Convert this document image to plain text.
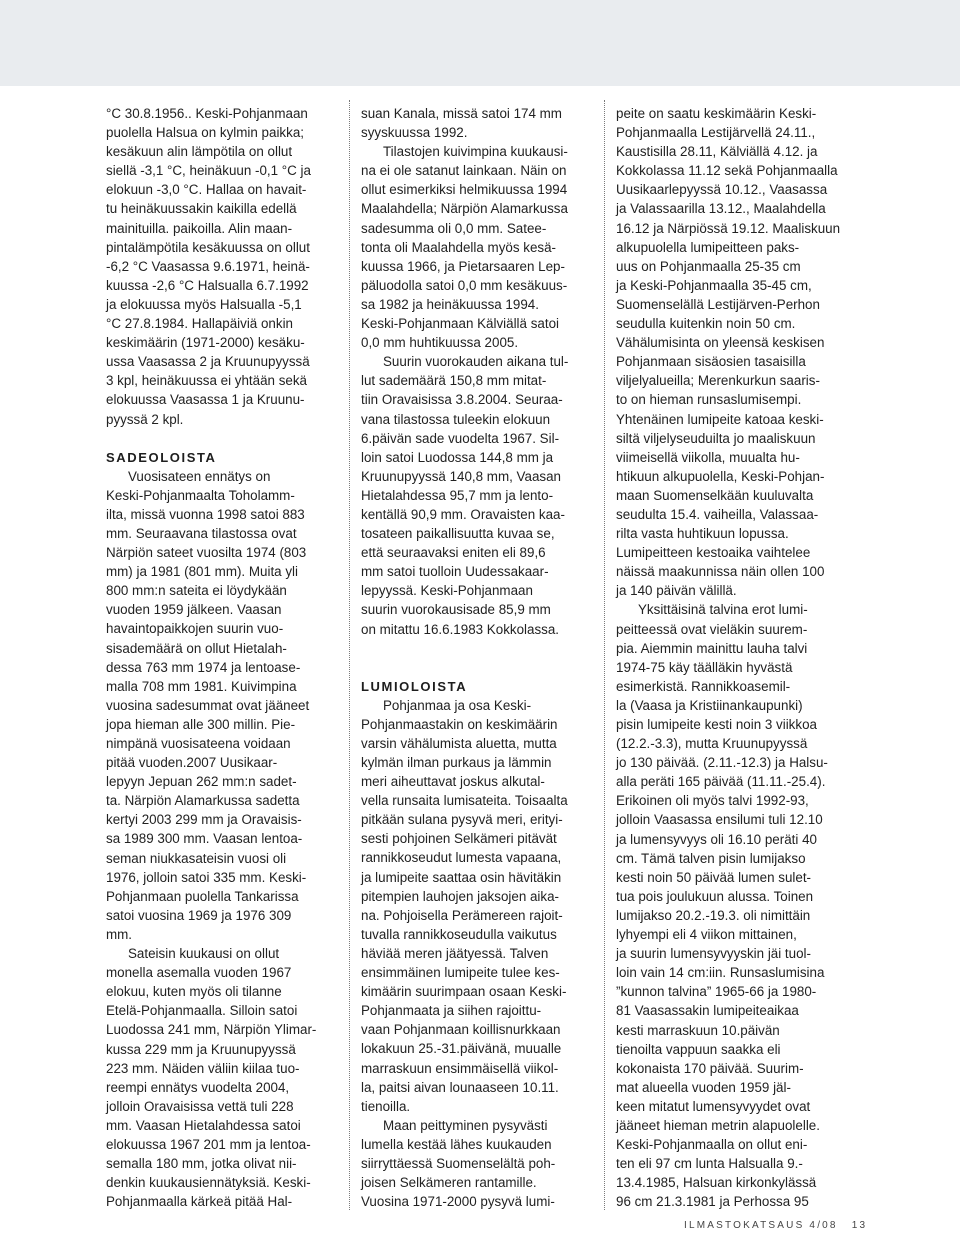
°C 30.8.1956.. Keski-Pohjanmaan
puolella Halsua on kylmin paikka;
kesäkuun alin lämpötila on ollut
siellä -3,1 °C, heinäkuun -0,1 °C ja
elokuun -3,0 °C. Hallaa on havait-
tu heinäkuussakin kaikilla edellä
mainituilla. paikoilla. Alin maan-
pintalämpötila kesäkuussa on ollut
-6,2 °C Vaasassa 9.6.1971, heinä-
kuussa -2,6 °C Halsualla 6.7.1992
ja elokuussa myös Halsualla -5,1
°C 27.8.1984. Hallapäiviä onkin
keskimäärin (1971-2000) kesäku-
ussa Vaasassa 2 ja Kruunupyyssä
3 kpl, heinäkuussa ei yhtään sekä
elokuussa Vaasassa 1 ja Kruunu-
pyyssä 2 kpl.
SADEOLOISTA
Vuosisateen ennätys on
Keski-Pohjanmaalta Toholamm-
ilta, missä vuonna 1998 satoi 883
mm. Seuraavana tilastossa ovat
Närpiön sateet vuosilta 1974 (803
mm) ja 1981 (801 mm). Muita yli
800 mm:n sateita ei löydykään
vuoden 1959 jälkeen. Vaasan
havaintopaikkojen suurin vuo-
sisademäärä on ollut Hietalah-
dessa 763 mm 1974 ja lentoase-
malla 708 mm 1981. Kuivimpina
vuosina sadesummat ovat jääneet
jopa hieman alle 300 millin. Pie-
nimpänä vuosisateena voidaan
pitää vuoden.2007 Uusikaar-
lepyyn Jepuan 262 mm:n sadet-
ta. Närpiön Alamarkussa sadetta
kertyi 2003 299 mm ja Oravaisis-
sa 1989 300 mm. Vaasan lentoa-
seman niukkasateisin vuosi oli
1976, jolloin satoi 335 mm. Keski-
Pohjanmaan puolella Tankarissa
satoi vuosina 1969 ja 1976 309
mm.
Sateisin kuukausi on ollut
monella asemalla vuoden 1967
elokuu, kuten myös oli tilanne
Etelä-Pohjanmaalla. Silloin satoi
Luodossa 241 mm, Närpiön Ylimar-
kussa 229 mm ja Kruunupyyssä
223 mm. Näiden väliin kiilaa tuo-
reempi ennätys vuodelta 2004,
jolloin Oravaisissa vettä tuli 228
mm. Vaasan Hietalahdessa satoi
elokuussa 1967 201 mm ja lentoa-
semalla 180 mm, jotka olivat nii-
denkin kuukausiennätyksiä. Keski-
Pohjanmaalla kärkeä pitää Hal-
suan Kanala, missä satoi 174 mm
syyskuussa 1992.
Tilastojen kuivimpina kuukausi-
na ei ole satanut lainkaan. Näin on
ollut esimerkiksi helmikuussa 1994
Maalahdella; Närpiön Alamarkussa
sadesumma oli 0,0 mm. Sateе-
tonta oli Maalahdella myös kesä-
kuussa 1966, ja Pietarsaaren Lep-
päluodolla satoi 0,0 mm kesäkuus-
sa 1982 ja heinäkuussa 1994.
Keski-Pohjanmaan Kälviällä satoi
0,0 mm huhtikuussa 2005.
Suurin vuorokauden aikana tul-
lut sademäärä 150,8 mm mitat-
tiin Oravaisissa 3.8.2004. Seuraa-
vana tilastossa tuleekin elokuun
6.päivän sade vuodelta 1967. Sil-
loin satoi Luodossa 144,8 mm ja
Kruunupyyssä 140,8 mm, Vaasan
Hietalahdessa 95,7 mm ja lento-
kentällä 90,9 mm. Oravaisten kaa-
tosateen paikallisuutta kuvaa se,
että seuraavaksi eniten eli 89,6
mm satoi tuolloin Uudessakaar-
lepyyssä. Keski-Pohjanmaan
suurin vuorokausisade 85,9 mm
on mitattu 16.6.1983 Kokkolassa.
LUMIOLOISTA
Pohjanmaa ja osa Keski-
Pohjanmaastakin on keskimäärin
varsin vähälumista aluetta, mutta
kylmän ilman purkaus ja lämmin
meri aiheuttavat joskus alkutal-
vella runsaita lumisateita. Toisaalta
pitkään sulana pysyvä meri, erityi-
sesti pohjoinen Selkämeri pitävät
rannikkoseudut lumesta vapaana,
ja lumipeite saattaa osin hävitäkin
pitempien lauhojen jaksojen aika-
na. Pohjoisella Perämereen rajoit-
tuvalla rannikkoseudulla vaikutus
häviää meren jäätyessä. Talven
ensimmäinen lumipeite tulee kes-
kimäärin suurimpaan osaan Keski-
Pohjanmaata ja siihen rajoittu-
vaan Pohjanmaan koillisnurkkaan
lokakuun 25.-31.päivänä, muualle
marraskuun ensimmäisellä viikol-
la, paitsi aivan lounaaseen 10.11.
tienoilla.
Maan peittyminen pysyvästi
lumella kestää lähes kuukauden
siirryttäessä Suomenselältä poh-
joisen Selkämeren rantamille.
Vuosina 1971-2000 pysyvä lumi-
peite on saatu keskimäärin Keski-
Pohjanmaalla Lestijärvellä 24.11.,
Kaustisilla 28.11, Kälviällä 4.12. ja
Kokkolassa 11.12 sekä Pohjanmaalla
Uusikaarlepyyssä 10.12., Vaasassa
ja Valassaarilla 13.12., Maalahdella
16.12 ja Närpiössä 19.12. Maaliskuun
alkupuolella lumipeitteen paks-
uus on Pohjanmaalla 25-35 cm
ja Keski-Pohjanmaalla 35-45 cm,
Suomenselällä Lestijärven-Perhon
seudulla kuitenkin noin 50 cm.
Vähälumisinta on yleensä keskisen
Pohjanmaan sisäosien tasaisilla
viljelyalueilla; Merenkurkun saaris-
to on hieman runsaslumisempi.
Yhtenäinen lumipeite katoaa keski-
siltä viljelyseuduilta jo maaliskuun
viimeisellä viikolla, muualta hu-
htikuun alkupuolella, Keski-Pohjan-
maan Suomenselkään kuuluvalta
seudulta 15.4. vaiheilla, Valassaa-
rilta vasta huhtikuun lopussa.
Lumipeitteen kestoaika vaihtelee
näissä maakunnissa näin ollen 100
ja 140 päivän välillä.
Yksittäisinä talvina erot lumi-
peitteessä ovat vieläkin suurem-
pia. Aiemmin mainittu lauha talvi
1974-75 käy täälläkin hyvästä
esimerkistä. Rannikkoasemil-
la (Vaasa ja Kristiinankaupunki)
pisin lumipeite kesti noin 3 viikkoa
(12.2.-3.3), mutta Kruunupyyssä
jo 130 päivää. (2.11.-12.3) ja Halsu-
alla peräti 165 päivää (11.11.-25.4).
Erikoinen oli myös talvi 1992-93,
jolloin Vaasassa ensilumi tuli 12.10
ja lumensyvyys oli 16.10 peräti 40
cm. Tämä talven pisin lumijakso
kesti noin 50 päivää lumen sulet-
tua pois joulukuun alussa. Toinen
lumijakso 20.2.-19.3. oli nimittäin
lyhyempi eli 4 viikon mittainen,
ja suurin lumensyvyyskin jäi tuol-
loin vain 14 cm:iin. Runsaslumisina
”kunnon talvina” 1965-66 ja 1980-
81 Vaasassakin lumipeiteaikaa
kesti marraskuun 10.päivän
tienoilta vappuun saakka eli
kokonaista 170 päivää. Suurim-
mat alueella vuoden 1959 jäl-
keen mitatut lumensyvyydet ovat
jääneet hieman metrin alapuolelle.
Keski-Pohjanmaalla on ollut eni-
ten eli 97 cm lunta Halsualla 9.-
13.4.1985, Halsuan kirkonkylässä
96 cm 21.3.1981 ja Perhossa 95
ILMASTOKATSAUS 4/08 13
